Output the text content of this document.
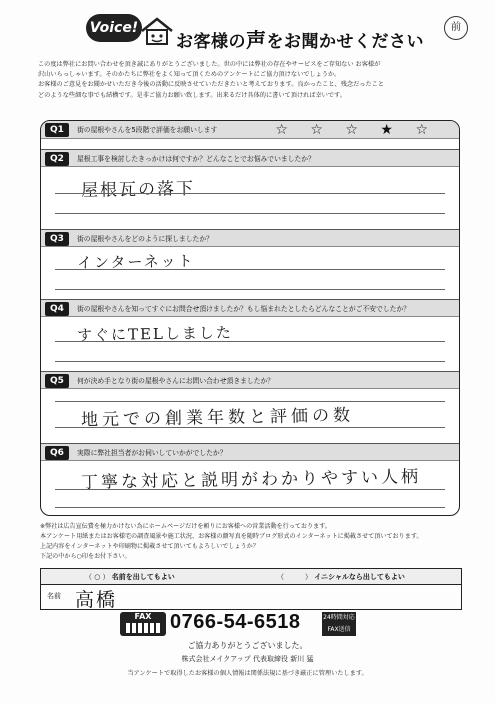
Voice!
お客様の声をお聞かせください
前
この度は弊社にお問い合わせを頂き誠にありがとうございました。世の中には弊社の存在やサービスをご存知ない お客様が
沢山いらっしゃいます。そのかたちに弊社をよく知って頂くためのアンケートにご協力頂けないでしょうか。
お客様のご意見をお聞かせいただき今後の活動に反映させていただきたいと考えております。良かったこと、残念だったこと
どのような些細な事でも結構です。是非ご協力お願い致します。出来るだけ具体的に書いて頂ければ幸いです。
Q1	街の屋根やさんを5段階で評価をお願いします	☆ ☆ ☆ ★ ☆
Q2	屋根工事を検討したきっかけは何ですか？どんなことでお悩みでいましたか？
屋根瓦の落下
Q3	街の屋根やさんをどのように探しましたか？
インターネット
Q4	街の屋根やさんを知ってすぐにお問合せ頂けましたか？もし悩まれたとしたらどんなことがご不安でしたか？
すぐにTELしました
Q5	何が決め手となり街の屋根やさんにお問い合わせ頂きましたか？
地元での創業年数と評価の数
Q6	実際に弊社担当者がお伺いしていかがでしたか？
丁寧な対応と説明がわかりやすい人柄
※弊社は広告宣伝費を極力かけない為にホームページだけを頼りにお客様への営業活動を行っております。
本アンケート用紙またはお客様宅の調査風景や施工状況、お客様の顔写真を随時ブログ形式のインターネットに掲載させて頂いております。
上記内容をインターネットや印刷物に掲載させて頂いてもよろしいでしょうか？
下記の中から○印をお付下さい。
（ ○ ） 名前を出してもよい	（　　　） イニシャルなら出してもよい
名前 高橋
FAX 0766-54-6518	24時間対応 FAX送信
ご協力ありがとうございました。
株式会社メイクアップ 代表取締役 新川 猛
当アンケートで取得したお客様の個人情報は関係法規に基づき厳正に管理いたします。
